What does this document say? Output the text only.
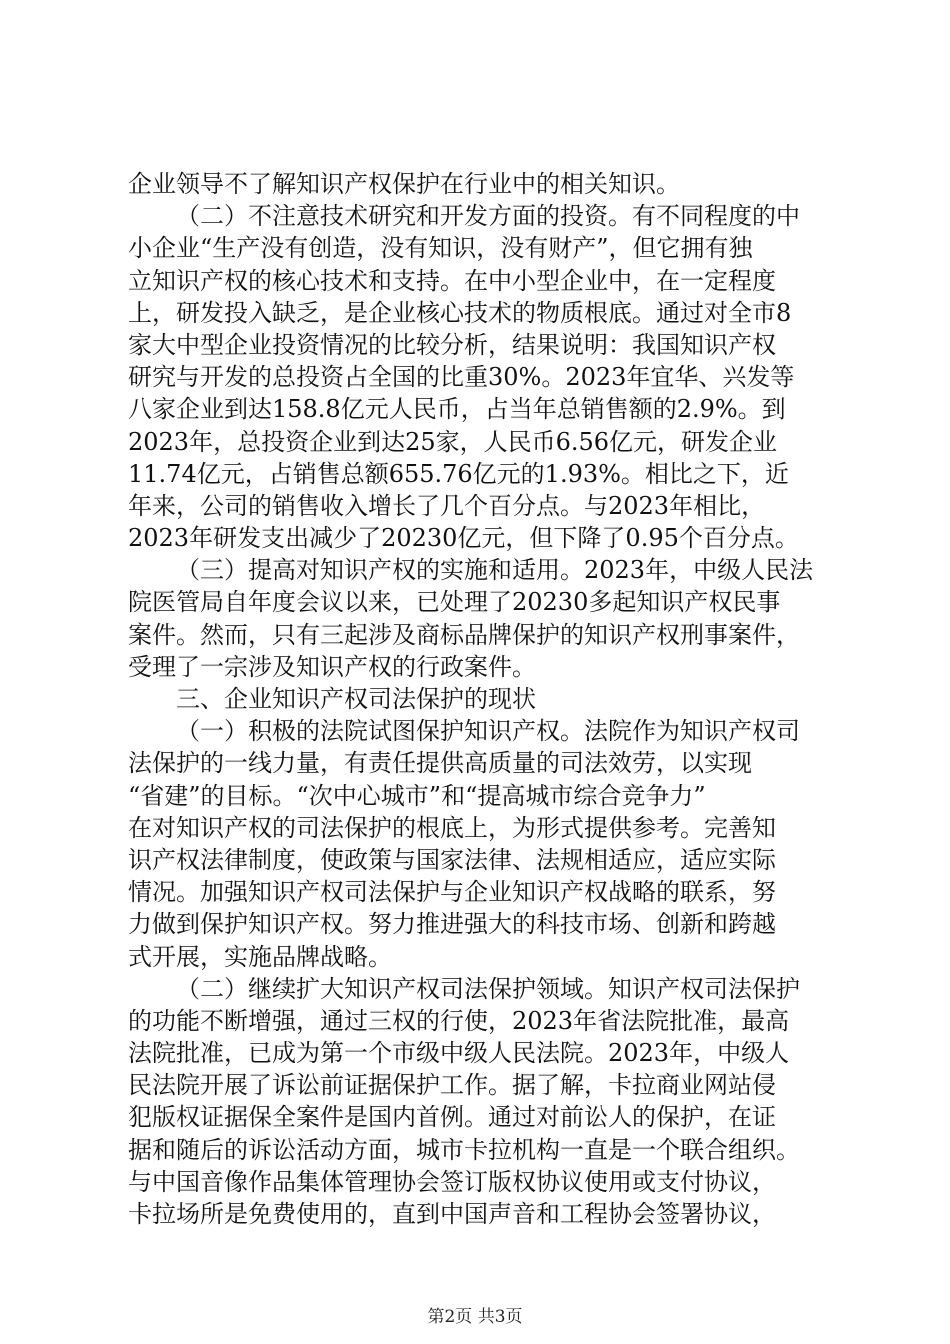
企业领导不了解知识产权保护在行业中的相关知识。
（二）不注意技术研究和开发方面的投资。有不同程度的中
小企业“生产没有创造，没有知识，没有财产”，但它拥有独
立知识产权的核心技术和支持。在中小型企业中，在一定程度
上，研发投入缺乏，是企业核心技术的物质根底。通过对全市8
家大中型企业投资情况的比较分析，结果说明：我国知识产权
研究与开发的总投资占全国的比重30%。2023年宜华、兴发等
八家企业到达158.8亿元人民币，占当年总销售额的2.9%。到
2023年，总投资企业到达25家，人民币6.56亿元，研发企业
11.74亿元，占销售总额655.76亿元的1.93%。相比之下，近
年来，公司的销售收入增长了几个百分点。与2023年相比，
2023年研发支出减少了20230亿元，但下降了0.95个百分点。
（三）提高对知识产权的实施和适用。2023年，中级人民法
院医管局自年度会议以来，已处理了20230多起知识产权民事
案件。然而，只有三起涉及商标品牌保护的知识产权刑事案件，
受理了一宗涉及知识产权的行政案件。
三、企业知识产权司法保护的现状
（一）积极的法院试图保护知识产权。法院作为知识产权司
法保护的一线力量，有责任提供高质量的司法效劳，以实现
“省建”的目标。“次中心城市”和“提高城市综合竞争力”
在对知识产权的司法保护的根底上，为形式提供参考。完善知
识产权法律制度，使政策与国家法律、法规相适应，适应实际
情况。加强知识产权司法保护与企业知识产权战略的联系，努
力做到保护知识产权。努力推进强大的科技市场、创新和跨越
式开展，实施品牌战略。
（二）继续扩大知识产权司法保护领域。知识产权司法保护
的功能不断增强，通过三权的行使，2023年省法院批准，最高
法院批准，已成为第一个市级中级人民法院。2023年，中级人
民法院开展了诉讼前证据保护工作。据了解，卡拉商业网站侵
犯版权证据保全案件是国内首例。通过对前讼人的保护，在证
据和随后的诉讼活动方面，城市卡拉机构一直是一个联合组织。
与中国音像作品集体管理协会签订版权协议使用或支付协议，
卡拉场所是免费使用的，直到中国声音和工程协会签署协议，
第2页 共3页
